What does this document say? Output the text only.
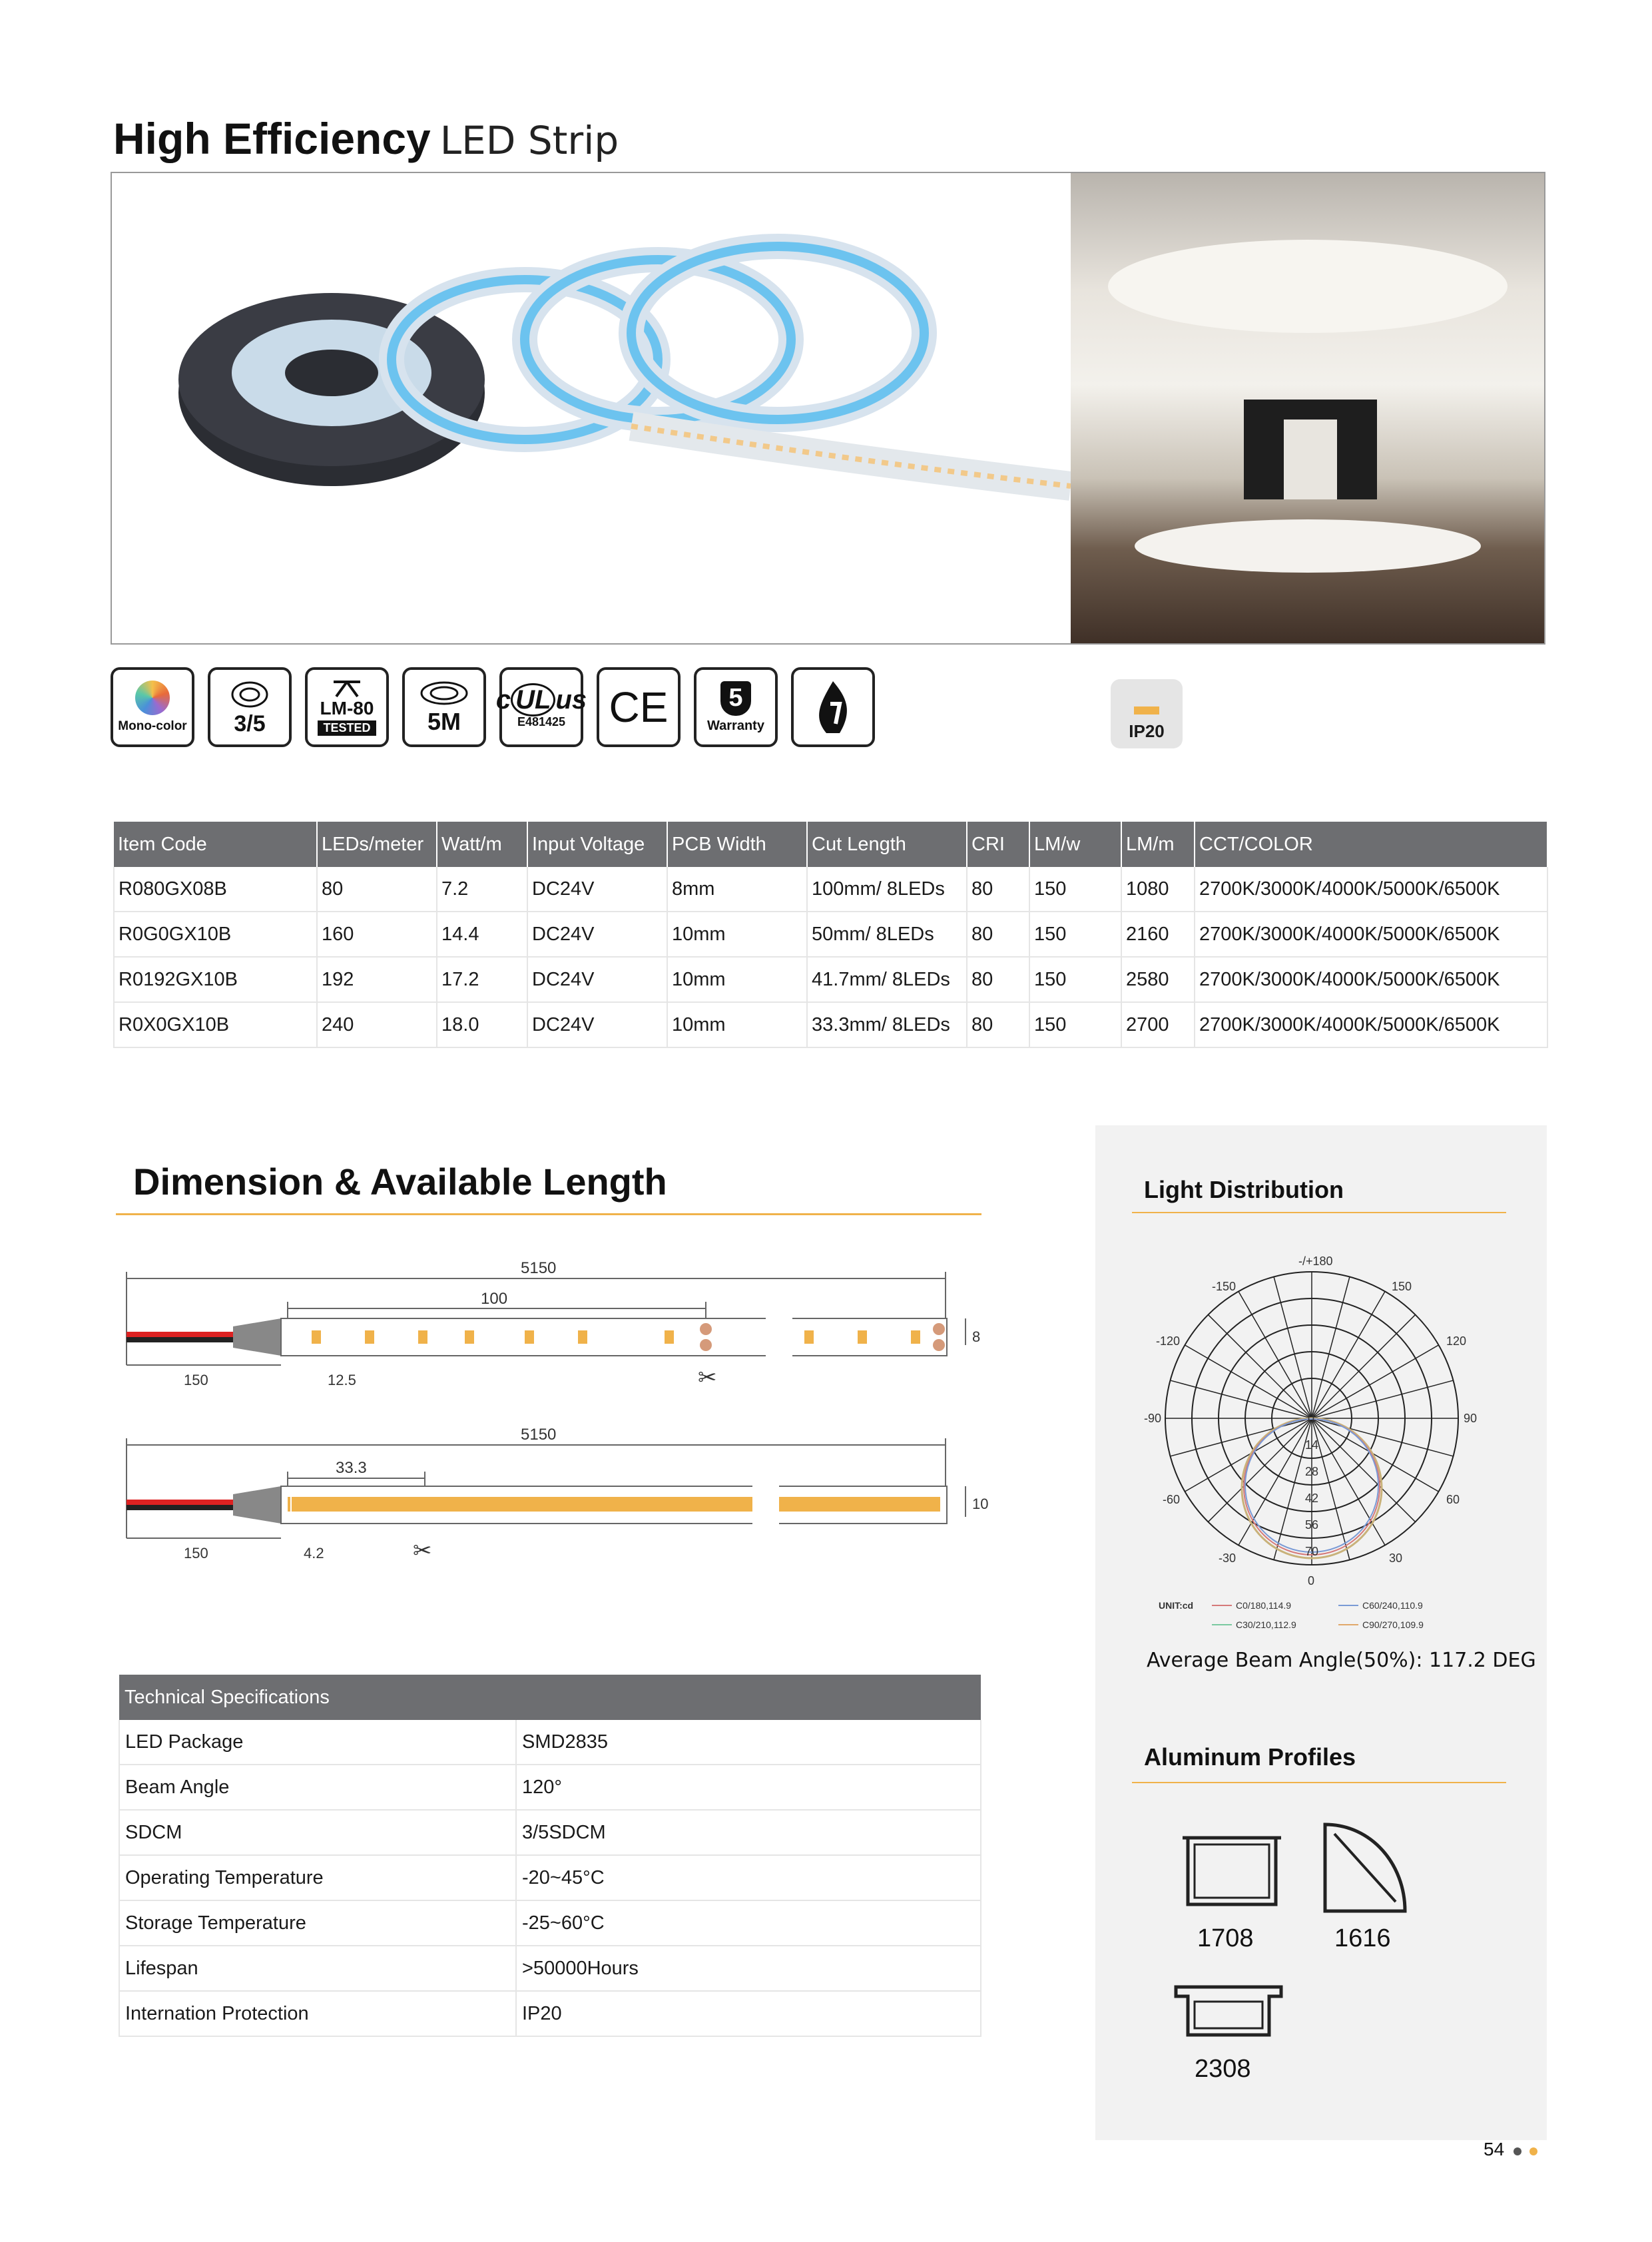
High Efficiency LED Strip
Mono-color 3/5
LM-80
TESTED 5M
c UL us
E481425 CE 5
Warranty	IP20
Item Code	LEDs/meter	Watt/m	Input Voltage	PCB Width	Cut Length	CRI	LM/w	LM/m	CCT/COLOR
R080GX08B	80	7.2	DC24V	8mm	100mm/ 8LEDs	80	150	1080	2700K/3000K/4000K/5000K/6500K
R0G0GX10B	160	14.4	DC24V	10mm	50mm/ 8LEDs	80	150	2160	2700K/3000K/4000K/5000K/6500K
R0192GX10B	192	17.2	DC24V	10mm	41.7mm/ 8LEDs	80	150	2580	2700K/3000K/4000K/5000K/6500K
R0X0GX10B	240	18.0	DC24V	10mm	33.3mm/ 8LEDs	80	150	2700	2700K/3000K/4000K/5000K/6500K
Dimension & Available Length
5150
100
150	12.5
8
✂
33.3
5150
150	4.2
10
✂
Technical Specifications	
LED Package	SMD2835
Beam Angle	120°
SDCM	3/5SDCM
Operating Temperature	-20~45°C
Storage Temperature	-25~60°C
Lifespan	>50000Hours
Internation Protection	IP20
Light Distribution
-/+180
-150	150
-120	120
-90	90
-60	60
-30	30
0
0
14
28
42
56
70
UNIT:cd	C0/180,114.9	C60/240,110.9
C30/210,112.9	C90/270,109.9
Average Beam Angle(50%): 117.2 DEG
Aluminum Profiles
1708	1616
2308
54
